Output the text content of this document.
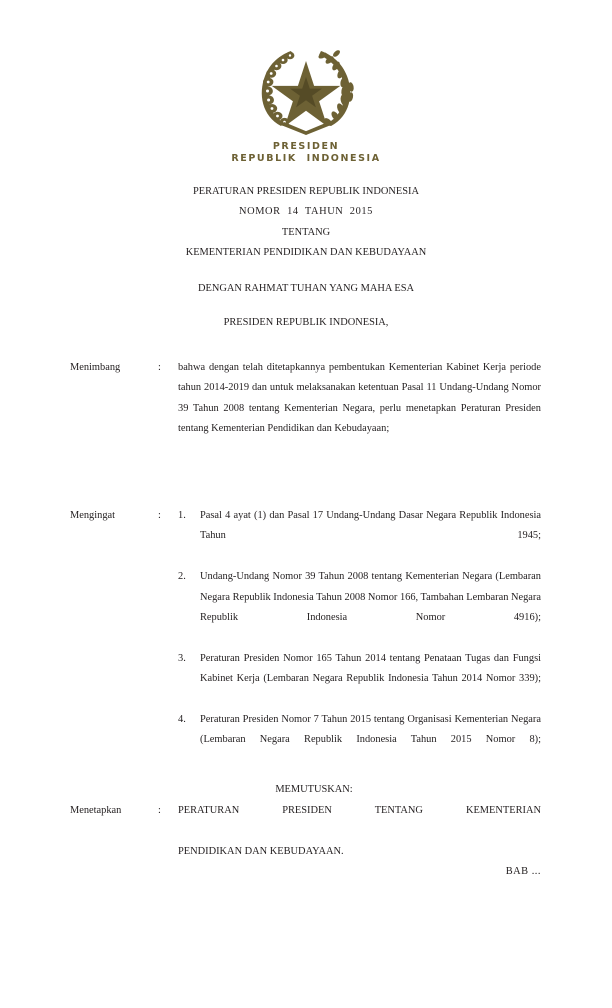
PRESIDEN
REPUBLIK  INDONESIA
PERATURAN PRESIDEN REPUBLIK INDONESIA
NOMOR  14  TAHUN  2015
TENTANG
KEMENTERIAN PENDIDIKAN DAN KEBUDAYAAN
DENGAN RAHMAT TUHAN YANG MAHA ESA
PRESIDEN REPUBLIK INDONESIA,
Menimbang	:	bahwa dengan telah ditetapkannya pembentukan Kementerian Kabinet Kerja periode tahun 2014-2019 dan untuk melaksanakan ketentuan Pasal 11 Undang-Undang Nomor 39 Tahun 2008 tentang Kementerian Negara, perlu menetapkan Peraturan Presiden tentang Kementerian Pendidikan dan Kebudayaan;

Mengingat	:	1. Pasal 4 ayat (1) dan Pasal 17 Undang-Undang Dasar Negara Republik Indonesia Tahun 1945;
2. Undang-Undang Nomor 39 Tahun 2008 tentang Kementerian Negara (Lembaran Negara Republik Indonesia Tahun 2008 Nomor 166, Tambahan Lembaran Negara Republik Indonesia Nomor 4916);
3. Peraturan Presiden Nomor 165 Tahun 2014 tentang Penataan Tugas dan Fungsi Kabinet Kerja (Lembaran Negara Republik Indonesia Tahun 2014 Nomor 339);
4. Peraturan Presiden Nomor 7 Tahun 2015 tentang Organisasi Kementerian Negara (Lembaran Negara Republik Indonesia Tahun 2015 Nomor 8);
MEMUTUSKAN:
Menetapkan	:	PERATURAN PRESIDEN TENTANG KEMENTERIAN

PENDIDIKAN DAN KEBUDAYAAN.

BAB ...
